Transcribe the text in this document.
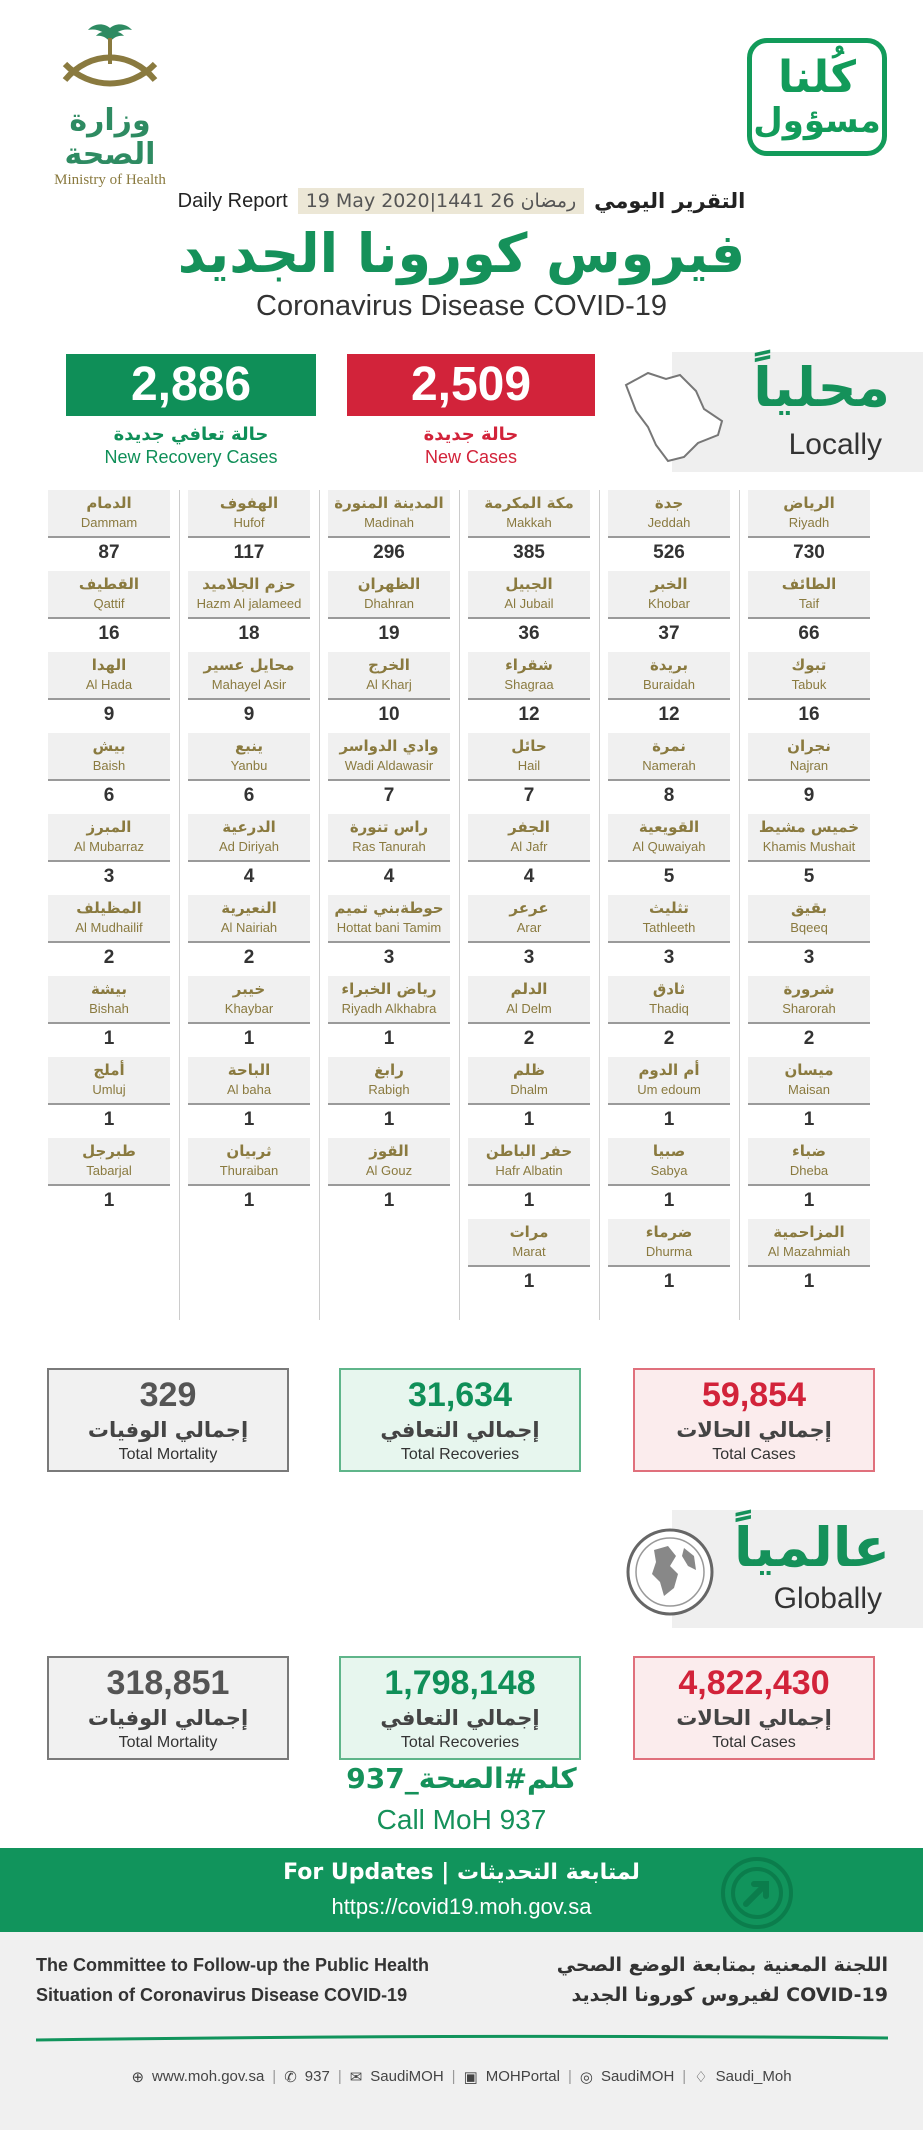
وزارة الصحة
Ministry of Health
كُلنا
مسؤول
Daily Report 19 May 2020|1441 26 رمضان التقرير اليومي
فيروس كورونا الجديد
Coronavirus Disease COVID-19
محلياً
Locally
2,509
حالة جديدة
New Cases
2,886
حالة تعافي جديدة
New Recovery Cases
الرياض
Riyadh
730
الطائف
Taif
66
تبوك
Tabuk
16
نجران
Najran
9
خميس مشيط
Khamis Mushait
5
بقيق
Bqeeq
3
شرورة
Sharorah
2
ميسان
Maisan
1
ضباء
Dheba
1
المزاحمية
Al Mazahmiah
1
جدة
Jeddah
526
الخبر
Khobar
37
بريدة
Buraidah
12
نمرة
Namerah
8
القويعية
Al Quwaiyah
5
تثليث
Tathleeth
3
ثادق
Thadiq
2
أم الدوم
Um edoum
1
صبيا
Sabya
1
ضرماء
Dhurma
1
مكة المكرمة
Makkah
385
الجبيل
Al Jubail
36
شقراء
Shagraa
12
حائل
Hail
7
الجفر
Al Jafr
4
عرعر
Arar
3
الدلم
Al Delm
2
ظلم
Dhalm
1
حفر الباطن
Hafr Albatin
1
مرات
Marat
1
المدينة المنورة
Madinah
296
الظهران
Dhahran
19
الخرج
Al Kharj
10
وادي الدواسر
Wadi Aldawasir
7
راس تنورة
Ras Tanurah
4
حوطةبني تميم
Hottat bani Tamim
3
رياض الخبراء
Riyadh Alkhabra
1
رابغ
Rabigh
1
القوز
Al Gouz
1
الهفوف
Hufof
117
حزم الجلاميد
Hazm Al jalameed
18
محايل عسير
Mahayel Asir
9
ينبع
Yanbu
6
الدرعية
Ad Diriyah
4
النعيرية
Al Nairiah
2
خيبر
Khaybar
1
الباحة
Al baha
1
ثربيان
Thuraiban
1
الدمام
Dammam
87
القطيف
Qattif
16
الهدا
Al Hada
9
بيش
Baish
6
المبرز
Al Mubarraz
3
المظيلف
Al Mudhailif
2
بيشة
Bishah
1
أملج
Umluj
1
طبرجل
Tabarjal
1
59,854
إجمالي الحالات
Total Cases
31,634
إجمالي التعافي
Total Recoveries
329
إجمالي الوفيات
Total Mortality
عالمياً
Globally
4,822,430
إجمالي الحالات
Total Cases
1,798,148
إجمالي التعافي
Total Recoveries
318,851
إجمالي الوفيات
Total Mortality
كلم#الصحة_937
Call MoH 937
For Updates | لمتابعة التحديثات
https://covid19.moh.gov.sa
The Committee to Follow-up the Public Health
Situation of Coronavirus Disease COVID-19
اللجنة المعنية بمتابعة الوضع الصحي
لفيروس كورونا الجديد COVID-19
⊕ www.moh.gov.sa | ✆ 937 | ✉ SaudiMOH | ▣ MOHPortal | ◎ SaudiMOH | ♢ Saudi_Moh
